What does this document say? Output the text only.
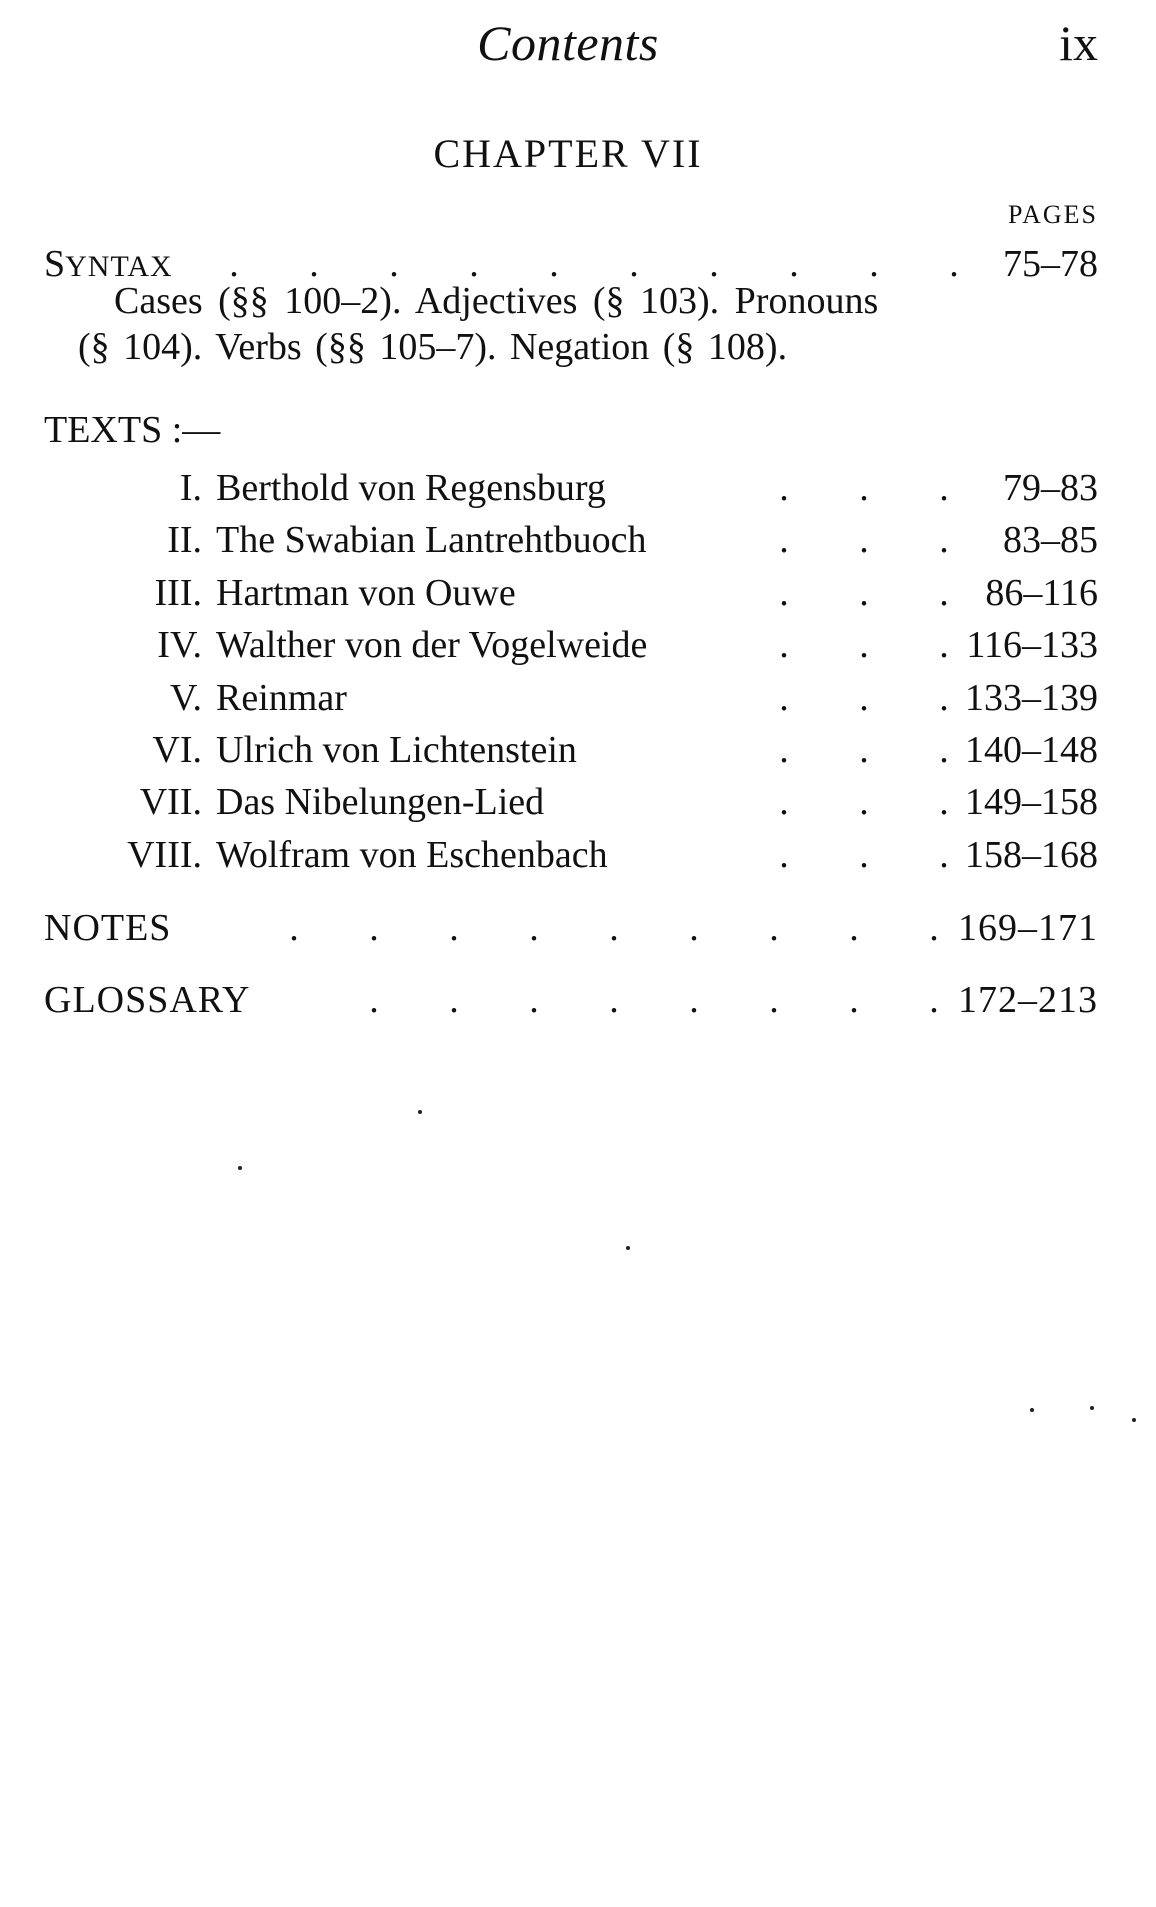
Contents	ix
CHAPTER VII
PAGES
SYNTAX	. . . . . . . . . .	75–78
Cases (§§ 100–2). Adjectives (§ 103). Pronouns
(§ 104). Verbs (§§ 105–7). Negation (§ 108).
TEXTS :—
I. Berthold von Regensburg	. . .	79–83
II. The Swabian Lantrehtbuoch	. . .	83–85
III. Hartman von Ouwe	. . . 86–116
IV. Walther von der Vogelweide	. . . 116–133
V. Reinmar	. . . 133–139
VI. Ulrich von Lichtenstein	. . . 140–148
VII. Das Nibelungen-Lied	. . . 149–158
VIII. Wolfram von Eschenbach	. . . 158–168
NOTES	. . . . . . . . . 169–171
GLOSSARY	. . . . . . . . 172–213
